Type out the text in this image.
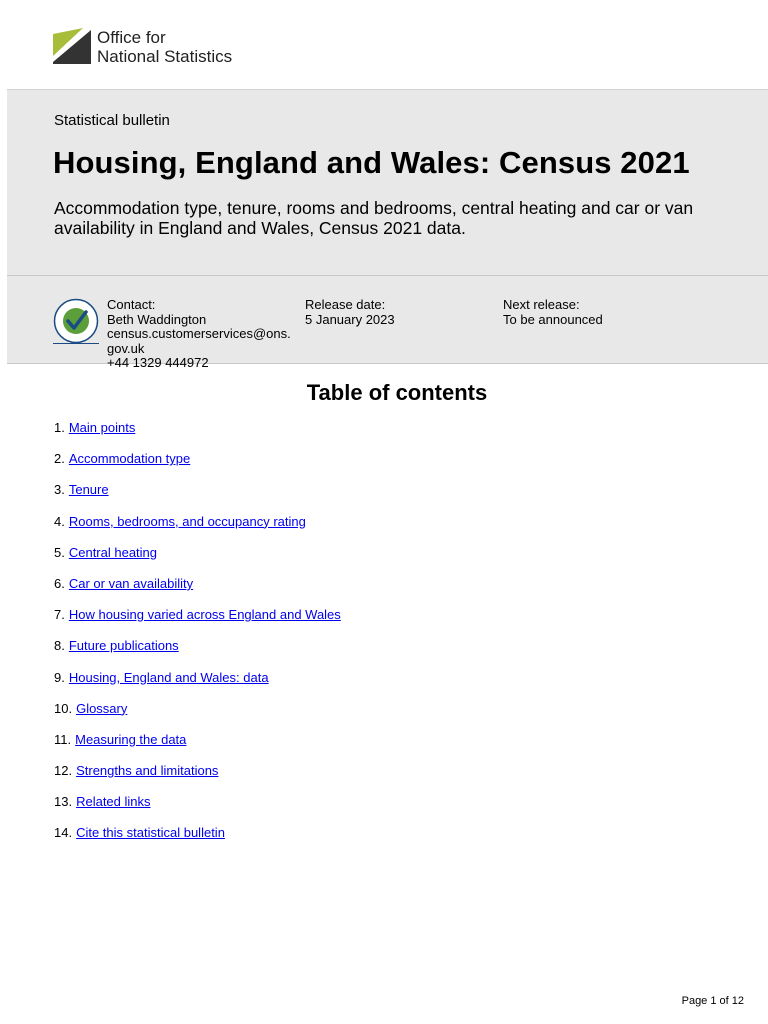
Office for
National Statistics
Statistical bulletin
Housing, England and Wales: Census 2021

Accommodation type, tenure, rooms and bedrooms, central heating and car or van availability in England and Wales, Census 2021 data.

Contact:
Beth Waddington
census.customerservices@ons.
gov.uk
+44 1329 444972
Release date:
5 January 2023
Next release:
To be announced
Table of contents
1. Main points
2. Accommodation type
3. Tenure
4. Rooms, bedrooms, and occupancy rating
5. Central heating
6. Car or van availability
7. How housing varied across England and Wales
8. Future publications
9. Housing, England and Wales: data
10. Glossary
11. Measuring the data
12. Strengths and limitations
13. Related links
14. Cite this statistical bulletin
Page 1 of 12
